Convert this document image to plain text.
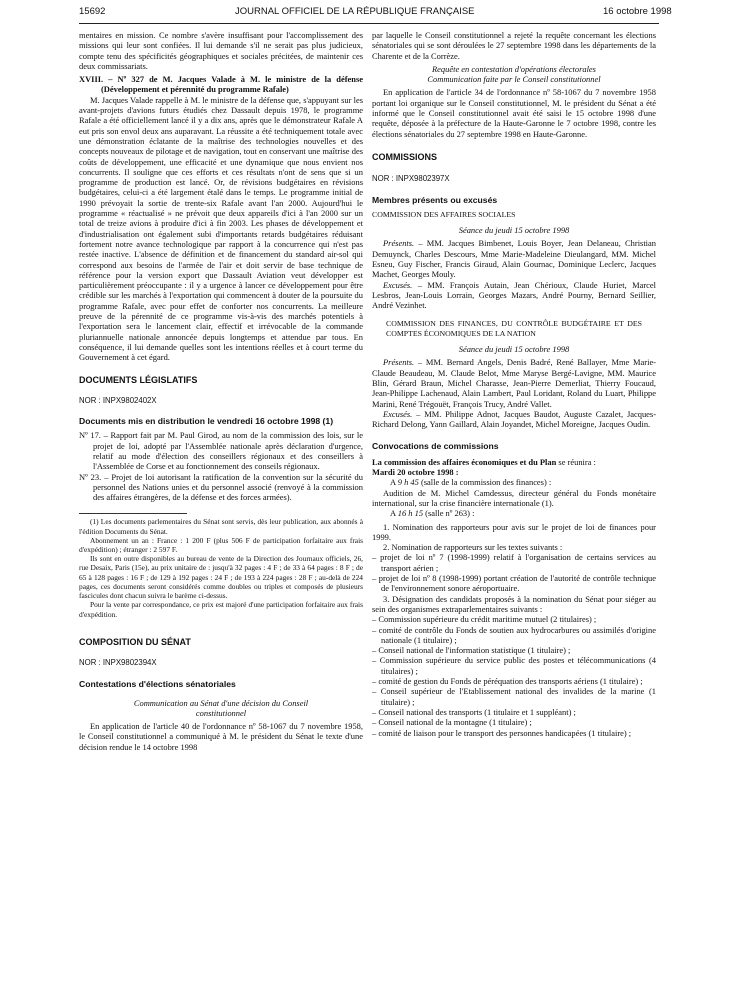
15692	JOURNAL OFFICIEL DE LA RÉPUBLIQUE FRANÇAISE	16 octobre 1998

mentaires en mission. Ce nombre s'avère insuffisant pour l'accomplissement des missions qui leur sont confiées. Il lui demande s'il ne serait pas plus judicieux, compte tenu des spécificités géographiques et sociales précitées, de maintenir ces deux commissariats.

XVIII. – Nº 327 de M. Jacques Valade à M. le ministre de la défense (Développement et pérennité du programme Rafale)

M. Jacques Valade rappelle à M. le ministre de la défense que, s'appuyant sur les avant-projets d'avions futurs étudiés chez Dassault depuis 1978, le programme Rafale a été officiellement lancé il y a dix ans, après que le démonstrateur Rafale A eut pris son envol deux ans auparavant. La réussite a été techniquement totale avec une démonstration éclatante de la maîtrise des technologies nouvelles et des concepts nouveaux de pilotage et de navigation, tout en conservant une maîtrise des coûts de développement, une efficacité et une dynamique que nous envient nos concurrents. Il souligne que ces efforts et ces résultats n'ont de sens que si un programme de production est lancé. Or, de révisions budgétaires en révisions budgétaires, celui-ci a été largement étalé dans le temps. Le programme initial de 1990 prévoyait la sortie de trente-six Rafale avant l'an 2000. Aujourd'hui le programme « réactualisé » ne prévoit que deux appareils d'ici à l'an 2000 sur un total de treize avions à produire d'ici à fin 2003. Les phases de développement et d'industrialisation ont également subi d'importants retards budgétaires réduisant fortement notre avance technologique par rapport à la concurrence qui n'est pas restée inactive. L'absence de définition et de financement du standard air-sol qui correspond aux besoins de l'armée de l'air et doit servir de base technique de référence pour la version export que Dassault Aviation veut développer est particulièrement préoccupante : il y a urgence à lancer ce développement pour être crédible sur les marchés à l'exportation qui commencent à douter de la poursuite du programme Rafale, avec pour effet de conforter nos concurrents. La meilleure preuve de la pérennité de ce programme vis-à-vis des marchés potentiels à l'exportation sera le lancement clair, effectif et irrévocable de la commande pluriannuelle nationale annoncée depuis longtemps et attendue par tous. En conséquence, il lui demande quelles sont les intentions réelles et à court terme du Gouvernement à cet égard.

DOCUMENTS LÉGISLATIFS

NOR : INPX9802402X

Documents mis en distribution le vendredi 16 octobre 1998 (1)

Nº 17. – Rapport fait par M. Paul Girod, au nom de la commission des lois, sur le projet de loi, adopté par l'Assemblée nationale après déclaration d'urgence, relatif au mode d'élection des conseillers régionaux et des conseillers à l'Assemblée de Corse et au fonctionnement des conseils régionaux.

Nº 23. – Projet de loi autorisant la ratification de la convention sur la sécurité du personnel des Nations unies et du personnel associé (renvoyé à la commission des affaires étrangères, de la défense et des forces armées).

(1) Les documents parlementaires du Sénat sont servis, dès leur publication, aux abonnés à l'édition Documents du Sénat.

Abonnement un an : France : 1 200 F (plus 506 F de participation forfaitaire aux frais d'expédition) ; étranger : 2 597 F.

Ils sont en outre disponibles au bureau de vente de la Direction des Journaux officiels, 26, rue Desaix, Paris (15e), au prix unitaire de : jusqu'à 32 pages : 4 F ; de 33 à 64 pages : 8 F ; de 65 à 128 pages : 16 F ; de 129 à 192 pages : 24 F ; de 193 à 224 pages : 28 F ; au-delà de 224 pages, ces documents seront considérés comme doubles ou triples et composés de plusieurs fascicules dont chacun suivra le barème ci-dessus.

Pour la vente par correspondance, ce prix est majoré d'une participation forfaitaire aux frais d'expédition.

COMPOSITION DU SÉNAT

NOR : INPX9802394X

Contestations d'élections sénatoriales

Communication au Sénat d'une décision du Conseil constitutionnel

En application de l'article 40 de l'ordonnance nº 58-1067 du 7 novembre 1958, le Conseil constitutionnel a communiqué à M. le président du Sénat le texte d'une décision rendue le 14 octobre 1998

par laquelle le Conseil constitutionnel a rejeté la requête concernant les élections sénatoriales qui se sont déroulées le 27 septembre 1998 dans les départements de la Charente et de la Corrèze.

Requête en contestation d'opérations électorales

Communication faite par le Conseil constitutionnel

En application de l'article 34 de l'ordonnance nº 58-1067 du 7 novembre 1958 portant loi organique sur le Conseil constitutionnel, M. le président du Sénat a été informé que le Conseil constitutionnel avait été saisi le 15 octobre 1998 d'une requête, déposée à la préfecture de la Haute-Garonne le 7 octobre 1998, contre les élections sénatoriales du 27 septembre 1998 en Haute-Garonne.

COMMISSIONS

NOR : INPX9802397X

Membres présents ou excusés

COMMISSION DES AFFAIRES SOCIALES

Séance du jeudi 15 octobre 1998

Présents. – MM. Jacques Bimbenet, Louis Boyer, Jean Delaneau, Christian Demuynck, Charles Descours, Mme Marie-Madeleine Dieulangard, MM. Michel Esneu, Guy Fischer, Francis Giraud, Alain Gournac, Dominique Leclerc, Jacques Machet, Georges Mouly.

Excusés. – MM. François Autain, Jean Chérioux, Claude Huriet, Marcel Lesbros, Jean-Louis Lorrain, Georges Mazars, André Pourny, Bernard Seillier, André Vezinhet.

COMMISSION DES FINANCES, DU CONTRÔLE BUDGÉTAIRE ET DES COMPTES ÉCONOMIQUES DE LA NATION

Séance du jeudi 15 octobre 1998

Présents. – MM. Bernard Angels, Denis Badré, René Ballayer, Mme Marie-Claude Beaudeau, M. Claude Belot, Mme Maryse Bergé-Lavigne, MM. Maurice Blin, Gérard Braun, Michel Charasse, Jean-Pierre Demerliat, Thierry Foucaud, Jean-Philippe Lachenaud, Alain Lambert, Paul Loridant, Roland du Luart, Philippe Marini, René Trégouët, François Trucy, André Vallet.

Excusés. – MM. Philippe Adnot, Jacques Baudot, Auguste Cazalet, Jacques-Richard Delong, Yann Gaillard, Alain Joyandet, Michel Moreigne, Jacques Oudin.

Convocations de commissions

La commission des affaires économiques et du Plan se réunira :

Mardi 20 octobre 1998 :

A 9 h 45 (salle de la commission des finances) :

Audition de M. Michel Camdessus, directeur général du Fonds monétaire international, sur la crise financière internationale (1).

A 16 h 15 (salle nº 263) :

1. Nomination des rapporteurs pour avis sur le projet de loi de finances pour 1999.

2. Nomination de rapporteurs sur les textes suivants :

– projet de loi nº 7 (1998-1999) relatif à l'organisation de certains services au transport aérien ;

– projet de loi nº 8 (1998-1999) portant création de l'autorité de contrôle technique de l'environnement sonore aéroportuaire.

3. Désignation des candidats proposés à la nomination du Sénat pour siéger au sein des organismes extraparlementaires suivants :

– Commission supérieure du crédit maritime mutuel (2 titulaires) ;

– comité de contrôle du Fonds de soutien aux hydrocarbures ou assimilés d'origine nationale (1 titulaire) ;

– Conseil national de l'information statistique (1 titulaire) ;

– Commission supérieure du service public des postes et télécommunications (4 titulaires) ;

– comité de gestion du Fonds de péréquation des transports aériens (1 titulaire) ;

– Conseil supérieur de l'Etablissement national des invalides de la marine (1 titulaire) ;

– Conseil national des transports (1 titulaire et 1 suppléant) ;

– Conseil national de la montagne (1 titulaire) ;

– comité de liaison pour le transport des personnes handicapées (1 titulaire) ;
